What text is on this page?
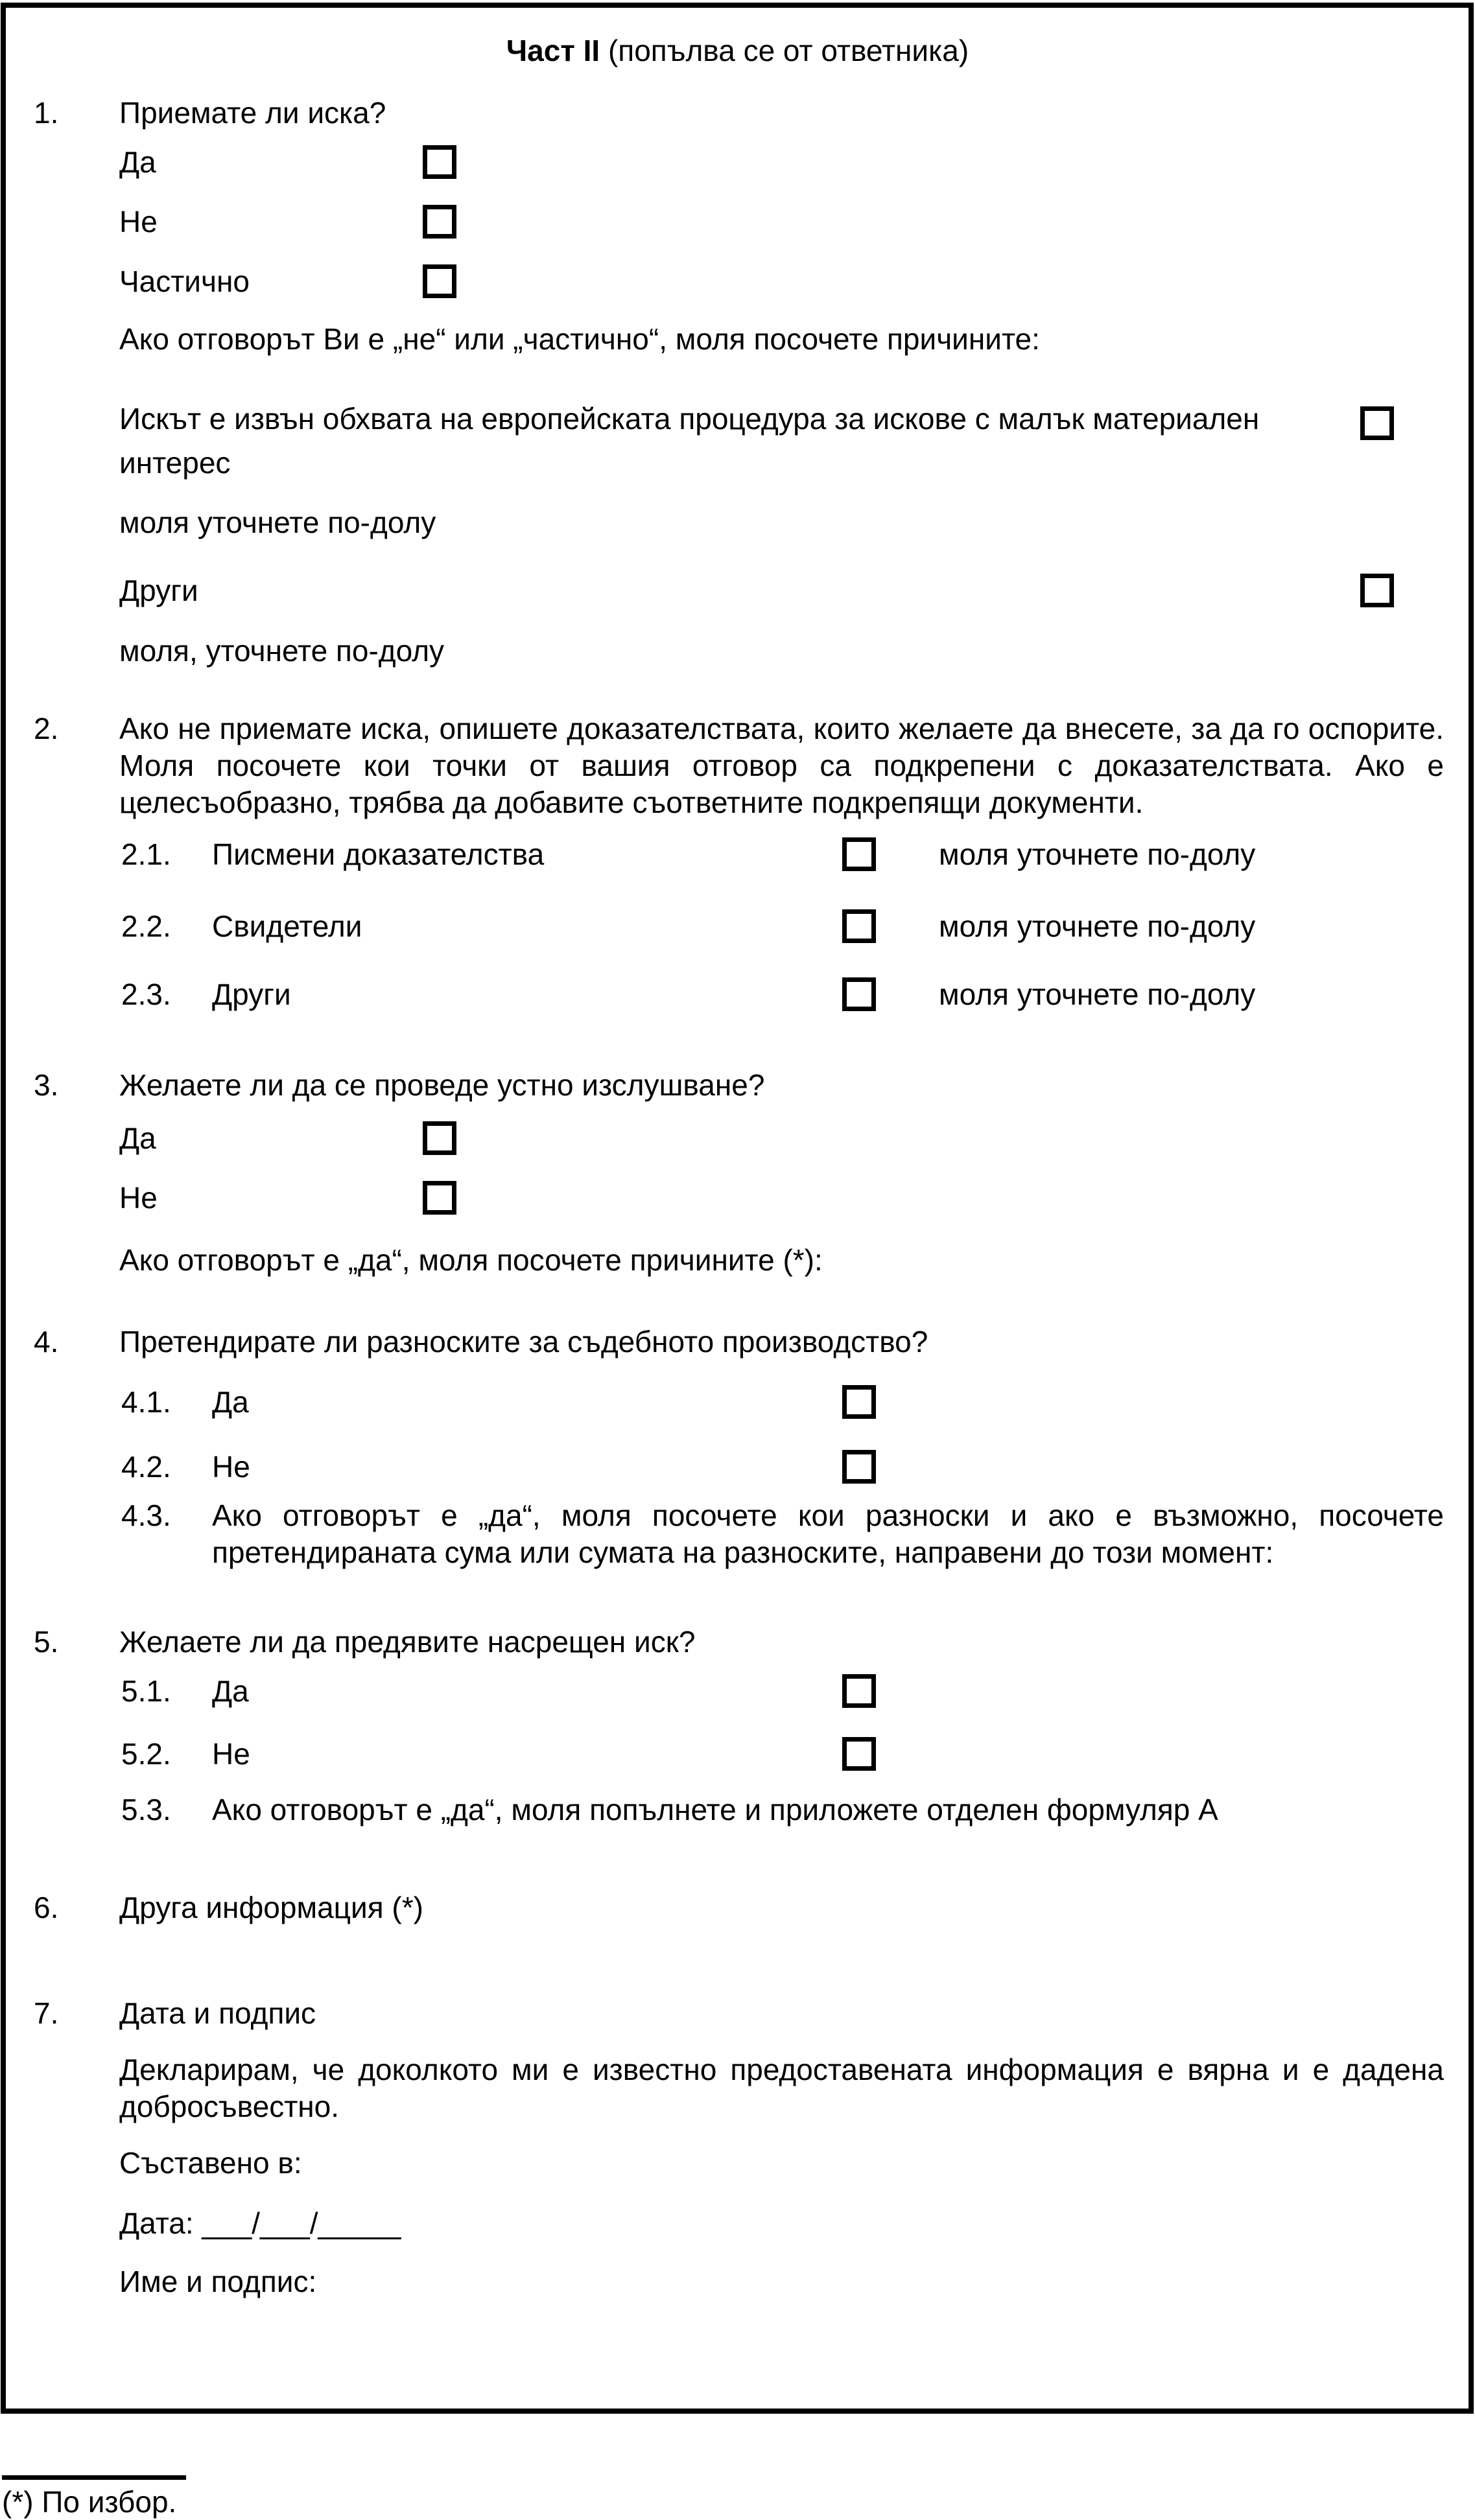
Част II (попълва се от ответника)
1. Приемате ли иска?
Да
Не
Частично
Ако отговорът Ви е „не“ или „частично“, моля посочете причините:
Искът е извън обхвата на европейската процедура за искове с малък материален интерес
моля уточнете по-долу
Други
моля, уточнете по-долу
2. Ако не приемате иска, опишете доказателствата, които желаете да внесете, за да го оспорите. Моля посочете кои точки от вашия отговор са подкрепени с доказателствата. Ако е целесъобразно, трябва да добавите съответните подкрепящи документи.
2.1. Писмени доказателства	моля уточнете по-долу
2.2. Свидетели	моля уточнете по-долу
2.3. Други	моля уточнете по-долу
3. Желаете ли да се проведе устно изслушване?
Да
Не
Ако отговорът е „да“, моля посочете причините (*):
4. Претендирате ли разноските за съдебното производство?
4.1. Да
4.2. Не
4.3. Ако отговорът е „да“, моля посочете кои разноски и ако е възможно, посочете претендираната сума или сумата на разноските, направени до този момент:
5. Желаете ли да предявите насрещен иск?
5.1. Да
5.2. Не
5.3. Ако отговорът е „да“, моля попълнете и приложете отделен формуляр А
6. Друга информация (*)
7. Дата и подпис
Декларирам, че доколкото ми е известно предоставената информация е вярна и е дадена добросъвестно.
Съставено в:
Дата: ___/___/_____
Име и подпис:
(*) По избор.
